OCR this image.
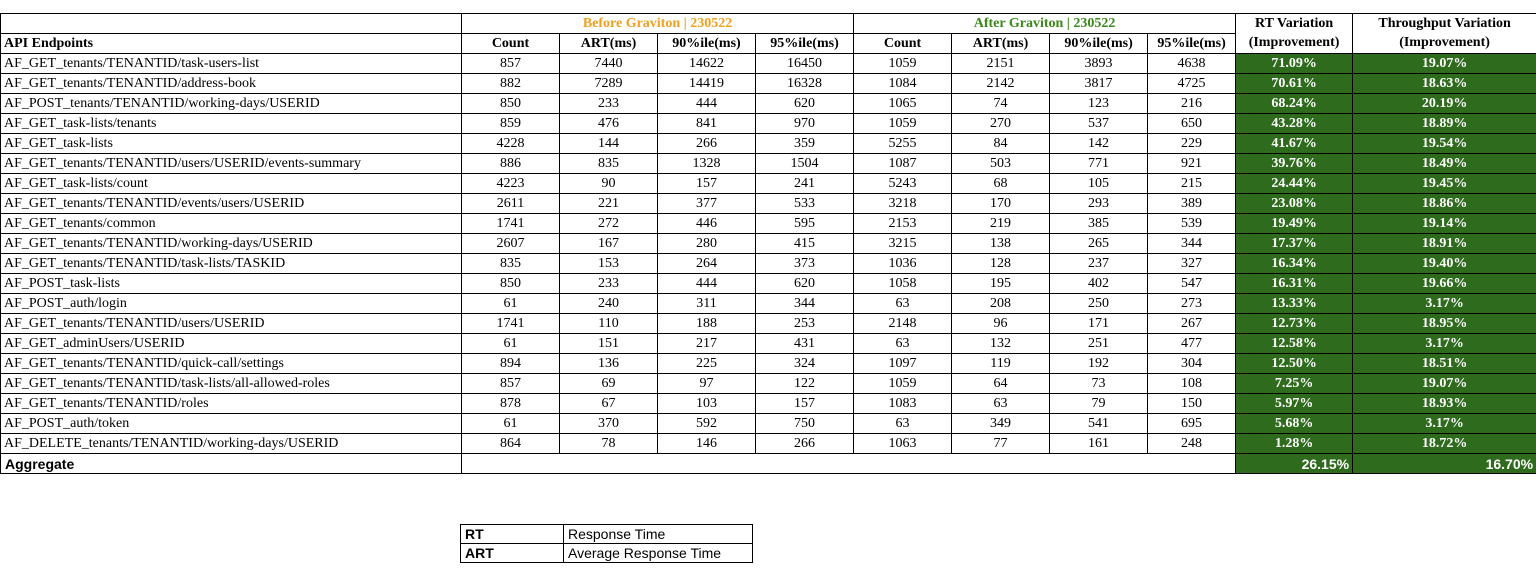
	Before Graviton | 230522				After Graviton | 230522				RT Variation	Throughput Variation
API Endpoints	Count	ART(ms)	90%ile(ms)	95%ile(ms)	Count	ART(ms)	90%ile(ms)	95%ile(ms)	(Improvement)	(Improvement)
AF_GET_tenants/TENANTID/task-users-list	857	7440	14622	16450	1059	2151	3893	4638	71.09%	19.07%
AF_GET_tenants/TENANTID/address-book	882	7289	14419	16328	1084	2142	3817	4725	70.61%	18.63%
AF_POST_tenants/TENANTID/working-days/USERID	850	233	444	620	1065	74	123	216	68.24%	20.19%
AF_GET_task-lists/tenants	859	476	841	970	1059	270	537	650	43.28%	18.89%
AF_GET_task-lists	4228	144	266	359	5255	84	142	229	41.67%	19.54%
AF_GET_tenants/TENANTID/users/USERID/events-summary	886	835	1328	1504	1087	503	771	921	39.76%	18.49%
AF_GET_task-lists/count	4223	90	157	241	5243	68	105	215	24.44%	19.45%
AF_GET_tenants/TENANTID/events/users/USERID	2611	221	377	533	3218	170	293	389	23.08%	18.86%
AF_GET_tenants/common	1741	272	446	595	2153	219	385	539	19.49%	19.14%
AF_GET_tenants/TENANTID/working-days/USERID	2607	167	280	415	3215	138	265	344	17.37%	18.91%
AF_GET_tenants/TENANTID/task-lists/TASKID	835	153	264	373	1036	128	237	327	16.34%	19.40%
AF_POST_task-lists	850	233	444	620	1058	195	402	547	16.31%	19.66%
AF_POST_auth/login	61	240	311	344	63	208	250	273	13.33%	3.17%
AF_GET_tenants/TENANTID/users/USERID	1741	110	188	253	2148	96	171	267	12.73%	18.95%
AF_GET_adminUsers/USERID	61	151	217	431	63	132	251	477	12.58%	3.17%
AF_GET_tenants/TENANTID/quick-call/settings	894	136	225	324	1097	119	192	304	12.50%	18.51%
AF_GET_tenants/TENANTID/task-lists/all-allowed-roles	857	69	97	122	1059	64	73	108	7.25%	19.07%
AF_GET_tenants/TENANTID/roles	878	67	103	157	1083	63	79	150	5.97%	18.93%
AF_POST_auth/token	61	370	592	750	63	349	541	695	5.68%	3.17%
AF_DELETE_tenants/TENANTID/working-days/USERID	864	78	146	266	1063	77	161	248	1.28%	18.72%
Aggregate									26.15%	16.70%
RT	Response Time
ART	Average Response Time
